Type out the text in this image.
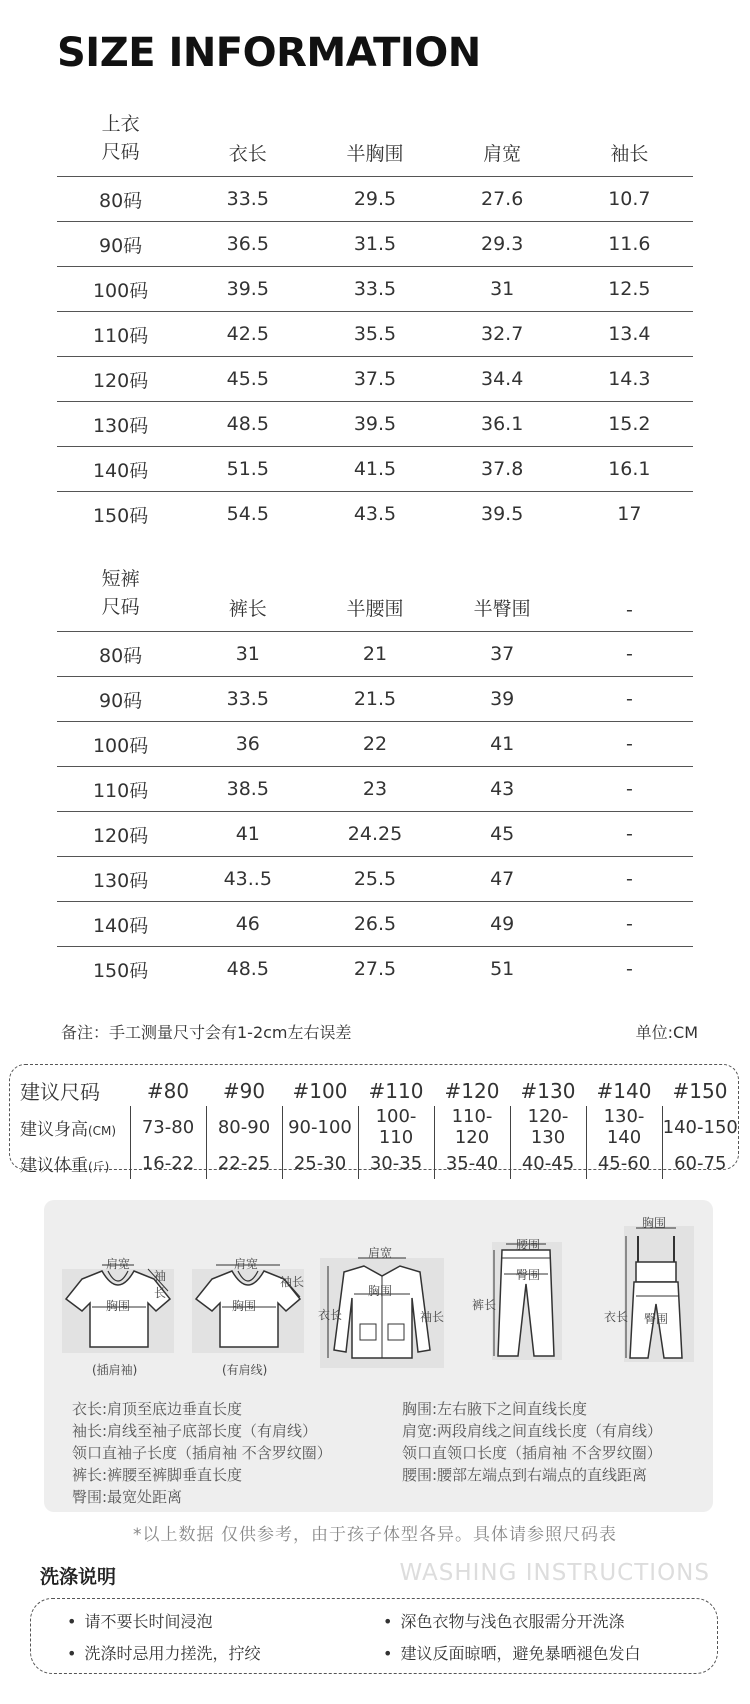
SIZE INFORMATION
上衣
尺码	衣长	半胸围	肩宽	袖长
80码	33.5	29.5	27.6	10.7
90码	36.5	31.5	29.3	11.6
100码	39.5	33.5	31	12.5
110码	42.5	35.5	32.7	13.4
120码	45.5	37.5	34.4	14.3
130码	48.5	39.5	36.1	15.2
140码	51.5	41.5	37.8	16.1
150码	54.5	43.5	39.5	17
短裤
尺码	裤长	半腰围	半臀围	-
80码	31	21	37	-
90码	33.5	21.5	39	-
100码	36	22	41	-
110码	38.5	23	43	-
120码	41	24.25	45	-
130码	43..5	25.5	47	-
140码	46	26.5	49	-
150码	48.5	27.5	51	-
备注：手工测量尺寸会有1-2cm左右误差	单位:CM
建议尺码	#80	#90	#100	#110	#120	#130	#140	#150
建议身高(CM)	73-80	80-90	90-100	100-110	110-120	120-130	130-140	140-150
建议体重(斤)	16-22	22-25	25-30	30-35	35-40	40-45	45-60	60-75
肩宽
袖长
胸围
(插肩袖)
肩宽
袖长
胸围
(有肩线)
肩宽
衣长
胸围
袖长
腰围
臀围
裤长
胸围
衣长 臀围
衣长:肩顶至底边垂直长度
袖长:肩线至袖子底部长度（有肩线）
领口直袖子长度（插肩袖 不含罗纹圈）
裤长:裤腰至裤脚垂直长度
臀围:最宽处距离
胸围:左右腋下之间直线长度
肩宽:两段肩线之间直线长度（有肩线）
领口直领口长度（插肩袖 不含罗纹圈）
腰围:腰部左端点到右端点的直线距离
*以上数据 仅供参考，由于孩子体型各异。具体请参照尺码表
洗涤说明	WASHING INSTRUCTIONS
• 请不要长时间浸泡	• 深色衣物与浅色衣服需分开洗涤
• 洗涤时忌用力搓洗，拧绞	• 建议反面晾晒，避免暴晒褪色发白
